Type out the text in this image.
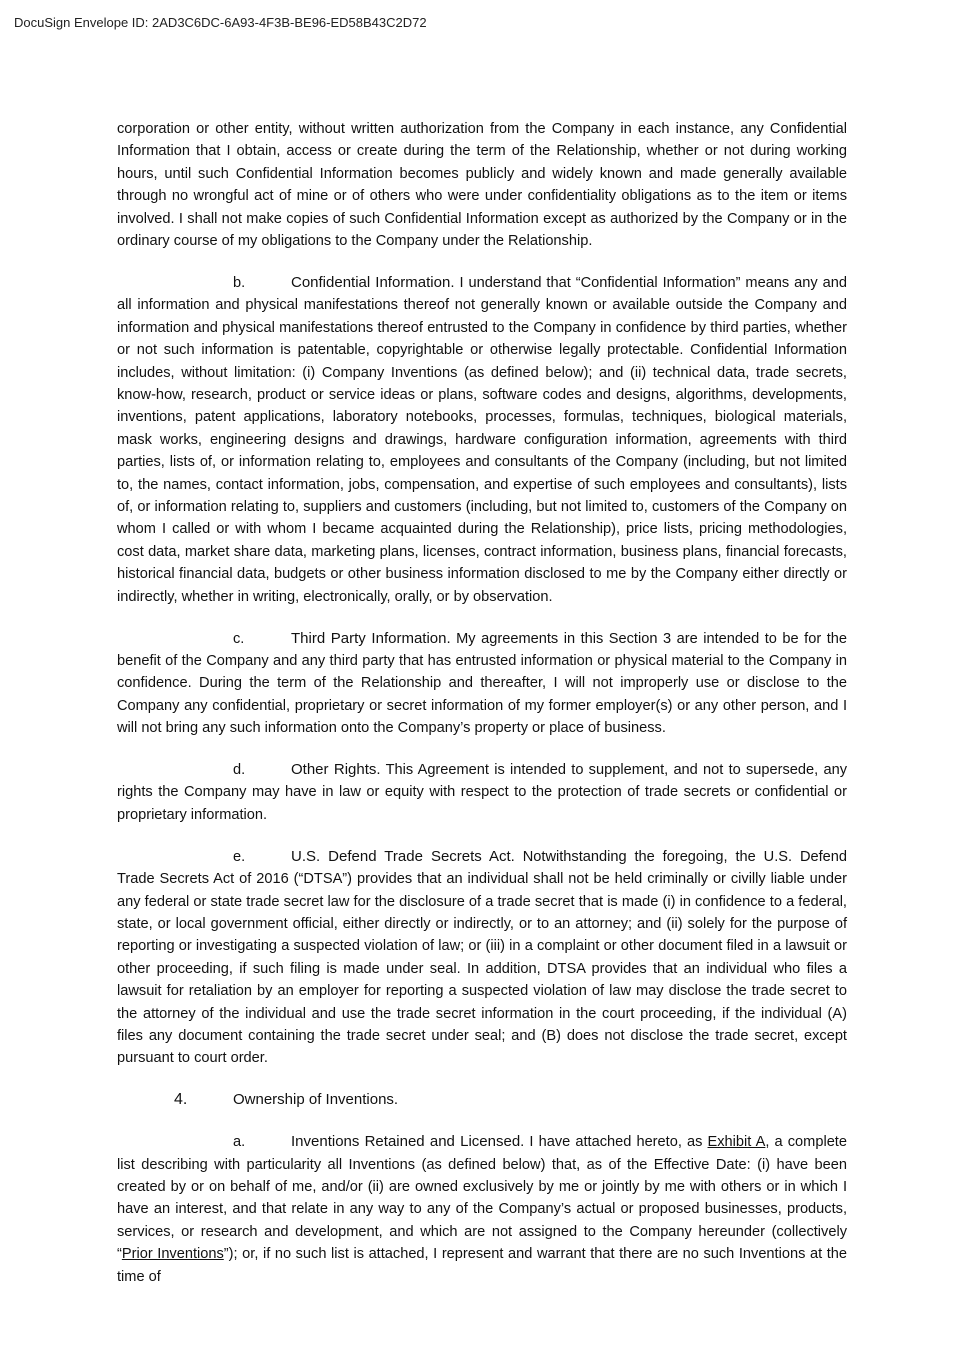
DocuSign Envelope ID: 2AD3C6DC-6A93-4F3B-BE96-ED58B43C2D72

corporation or other entity, without written authorization from the Company in each instance, any Confidential Information that I obtain, access or create during the term of the Relationship, whether or not during working hours, until such Confidential Information becomes publicly and widely known and made generally available through no wrongful act of mine or of others who were under confidentiality obligations as to the item or items involved. I shall not make copies of such Confidential Information except as authorized by the Company or in the ordinary course of my obligations to the Company under the Relationship.

b.	Confidential Information. I understand that “Confidential Information” means any and all information and physical manifestations thereof not generally known or available outside the Company and information and physical manifestations thereof entrusted to the Company in confidence by third parties, whether or not such information is patentable, copyrightable or otherwise legally protectable. Confidential Information includes, without limitation: (i) Company Inventions (as defined below); and (ii) technical data, trade secrets, know-how, research, product or service ideas or plans, software codes and designs, algorithms, developments, inventions, patent applications, laboratory notebooks, processes, formulas, techniques, biological materials, mask works, engineering designs and drawings, hardware configuration information, agreements with third parties, lists of, or information relating to, employees and consultants of the Company (including, but not limited to, the names, contact information, jobs, compensation, and expertise of such employees and consultants), lists of, or information relating to, suppliers and customers (including, but not limited to, customers of the Company on whom I called or with whom I became acquainted during the Relationship), price lists, pricing methodologies, cost data, market share data, marketing plans, licenses, contract information, business plans, financial forecasts, historical financial data, budgets or other business information disclosed to me by the Company either directly or indirectly, whether in writing, electronically, orally, or by observation.

c.	Third Party Information. My agreements in this Section 3 are intended to be for the benefit of the Company and any third party that has entrusted information or physical material to the Company in confidence. During the term of the Relationship and thereafter, I will not improperly use or disclose to the Company any confidential, proprietary or secret information of my former employer(s) or any other person, and I will not bring any such information onto the Company’s property or place of business.

d.	Other Rights. This Agreement is intended to supplement, and not to supersede, any rights the Company may have in law or equity with respect to the protection of trade secrets or confidential or proprietary information.

e.	U.S. Defend Trade Secrets Act. Notwithstanding the foregoing, the U.S. Defend Trade Secrets Act of 2016 (“DTSA”) provides that an individual shall not be held criminally or civilly liable under any federal or state trade secret law for the disclosure of a trade secret that is made (i) in confidence to a federal, state, or local government official, either directly or indirectly, or to an attorney; and (ii) solely for the purpose of reporting or investigating a suspected violation of law; or (iii) in a complaint or other document filed in a lawsuit or other proceeding, if such filing is made under seal. In addition, DTSA provides that an individual who files a lawsuit for retaliation by an employer for reporting a suspected violation of law may disclose the trade secret to the attorney of the individual and use the trade secret information in the court proceeding, if the individual (A) files any document containing the trade secret under seal; and (B) does not disclose the trade secret, except pursuant to court order.

4.	Ownership of Inventions.

a.	Inventions Retained and Licensed. I have attached hereto, as Exhibit A, a complete list describing with particularity all Inventions (as defined below) that, as of the Effective Date: (i) have been created by or on behalf of me, and/or (ii) are owned exclusively by me or jointly by me with others or in which I have an interest, and that relate in any way to any of the Company’s actual or proposed businesses, products, services, or research and development, and which are not assigned to the Company hereunder (collectively “Prior Inventions”); or, if no such list is attached, I represent and warrant that there are no such Inventions at the time of
